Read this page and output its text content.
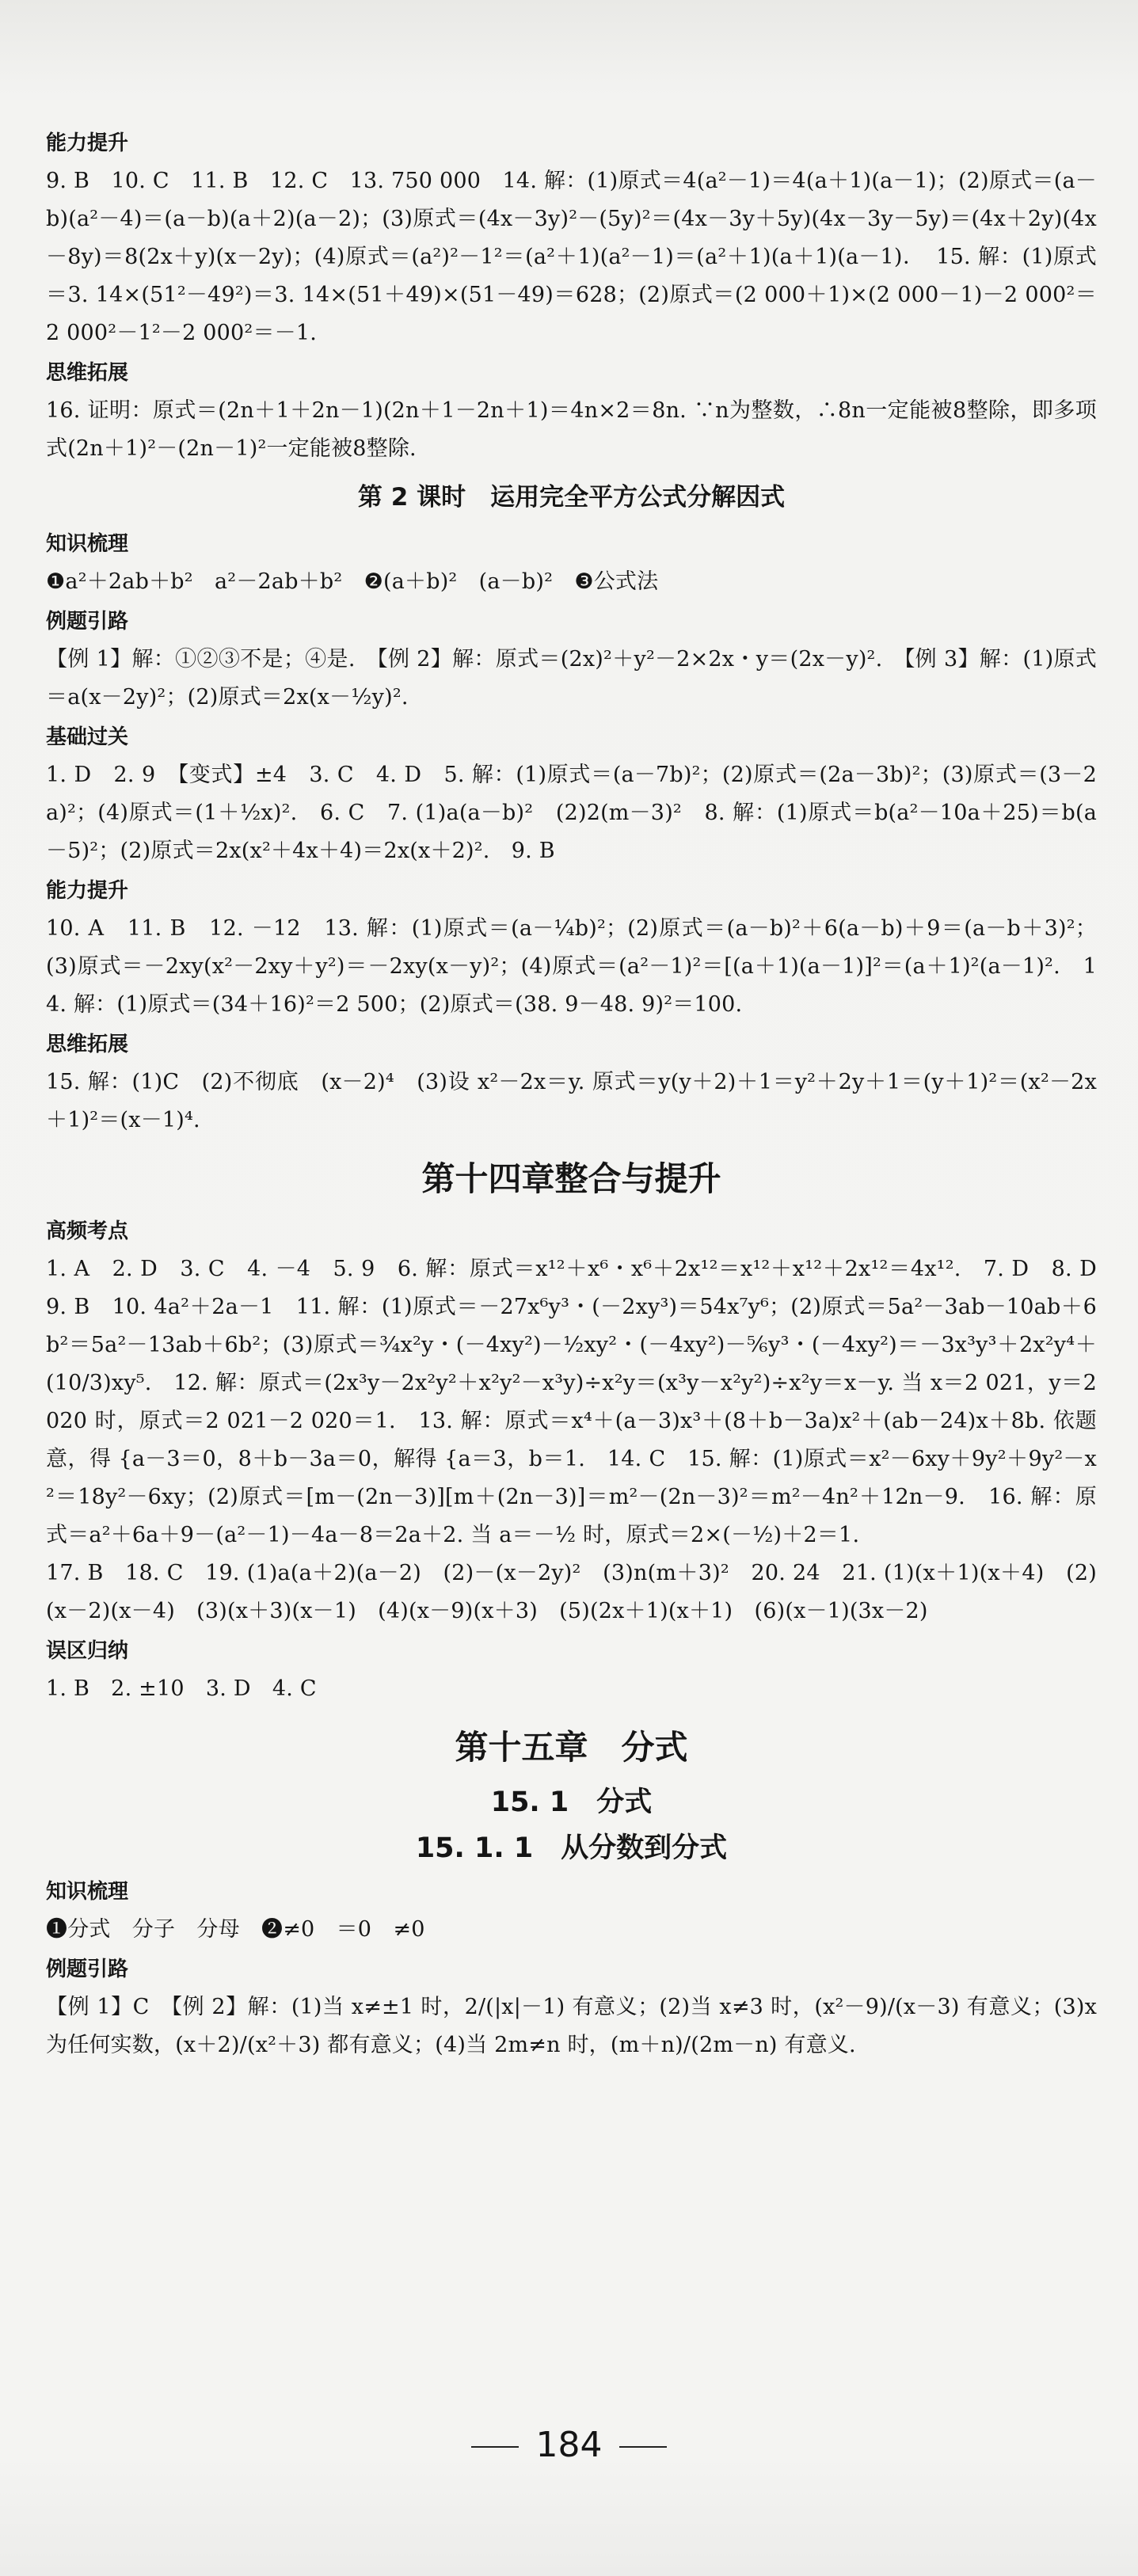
能力提升
9. B　10. C　11. B　12. C　13. 750 000　14. 解：(1)原式＝4(a²－1)＝4(a＋1)(a－1)；(2)原式＝(a－b)(a²－4)＝(a－b)(a＋2)(a－2)；(3)原式＝(4x－3y)²－(5y)²＝(4x－3y＋5y)(4x－3y－5y)＝(4x＋2y)(4x－8y)＝8(2x＋y)(x－2y)；(4)原式＝(a²)²－1²＝(a²＋1)(a²－1)＝(a²＋1)(a＋1)(a－1)．　15. 解：(1)原式＝3. 14×(51²－49²)＝3. 14×(51＋49)×(51－49)＝628；(2)原式＝(2 000＋1)×(2 000－1)－2 000²＝2 000²－1²－2 000²＝－1.
思维拓展
16. 证明：原式＝(2n＋1＋2n－1)(2n＋1－2n＋1)＝4n×2＝8n. ∵n为整数，∴8n一定能被8整除，即多项式(2n＋1)²－(2n－1)²一定能被8整除.
第 2 课时　运用完全平方公式分解因式
知识梳理
❶a²＋2ab＋b²　a²－2ab＋b²　❷(a＋b)²　(a－b)²　❸公式法
例题引路
【例 1】解：①②③不是；④是.　【例 2】解：原式＝(2x)²＋y²－2×2x・y＝(2x－y)².　【例 3】解：(1)原式＝a(x－2y)²；(2)原式＝2x(x－½y)².
基础过关
1. D　2. 9　【变式】±4　3. C　4. D　5. 解：(1)原式＝(a－7b)²；(2)原式＝(2a－3b)²；(3)原式＝(3－2a)²；(4)原式＝(1＋½x)².　6. C　7. (1)a(a－b)²　(2)2(m－3)²　8. 解：(1)原式＝b(a²－10a＋25)＝b(a－5)²；(2)原式＝2x(x²＋4x＋4)＝2x(x＋2)².　9. B
能力提升
10. A　11. B　12. －12　13. 解：(1)原式＝(a－¼b)²；(2)原式＝(a－b)²＋6(a－b)＋9＝(a－b＋3)²；(3)原式＝－2xy(x²－2xy＋y²)＝－2xy(x－y)²；(4)原式＝(a²－1)²＝[(a＋1)(a－1)]²＝(a＋1)²(a－1)².　14. 解：(1)原式＝(34＋16)²＝2 500；(2)原式＝(38. 9－48. 9)²＝100.
思维拓展
15. 解：(1)C　(2)不彻底　(x－2)⁴　(3)设 x²－2x＝y. 原式＝y(y＋2)＋1＝y²＋2y＋1＝(y＋1)²＝(x²－2x＋1)²＝(x－1)⁴.
第十四章整合与提升
高频考点
1. A　2. D　3. C　4. －4　5. 9　6. 解：原式＝x¹²＋x⁶・x⁶＋2x¹²＝x¹²＋x¹²＋2x¹²＝4x¹².　7. D　8. D　9. B　10. 4a²＋2a－1　11. 解：(1)原式＝－27x⁶y³・(－2xy³)＝54x⁷y⁶；(2)原式＝5a²－3ab－10ab＋6b²＝5a²－13ab＋6b²；(3)原式＝¾x²y・(－4xy²)－½xy²・(－4xy²)－⅚y³・(－4xy²)＝－3x³y³＋2x²y⁴＋(10/3)xy⁵.　12. 解：原式＝(2x³y－2x²y²＋x²y²－x³y)÷x²y＝(x³y－x²y²)÷x²y＝x－y. 当 x＝2 021，y＝2 020 时，原式＝2 021－2 020＝1.　13. 解：原式＝x⁴＋(a－3)x³＋(8＋b－3a)x²＋(ab－24)x＋8b. 依题意，得 {a－3＝0，8＋b－3a＝0，解得 {a＝3，b＝1.　14. C　15. 解：(1)原式＝x²－6xy＋9y²＋9y²－x²＝18y²－6xy；(2)原式＝[m－(2n－3)][m＋(2n－3)]＝m²－(2n－3)²＝m²－4n²＋12n－9.　16. 解：原式＝a²＋6a＋9－(a²－1)－4a－8＝2a＋2. 当 a＝－½ 时，原式＝2×(－½)＋2＝1.
17. B　18. C　19. (1)a(a＋2)(a－2)　(2)－(x－2y)²　(3)n(m＋3)²　20. 24　21. (1)(x＋1)(x＋4)　(2)(x－2)(x－4)　(3)(x＋3)(x－1)　(4)(x－9)(x＋3)　(5)(2x＋1)(x＋1)　(6)(x－1)(3x－2)
误区归纳
1. B　2. ±10　3. D　4. C
第十五章　分式
15. 1　分式
15. 1. 1　从分数到分式
知识梳理
❶分式　分子　分母　❷≠0　＝0　≠0
例题引路
【例 1】C　【例 2】解：(1)当 x≠±1 时，2/(|x|－1) 有意义；(2)当 x≠3 时，(x²－9)/(x－3) 有意义；(3)x为任何实数，(x＋2)/(x²＋3) 都有意义；(4)当 2m≠n 时，(m＋n)/(2m－n) 有意义.
184
